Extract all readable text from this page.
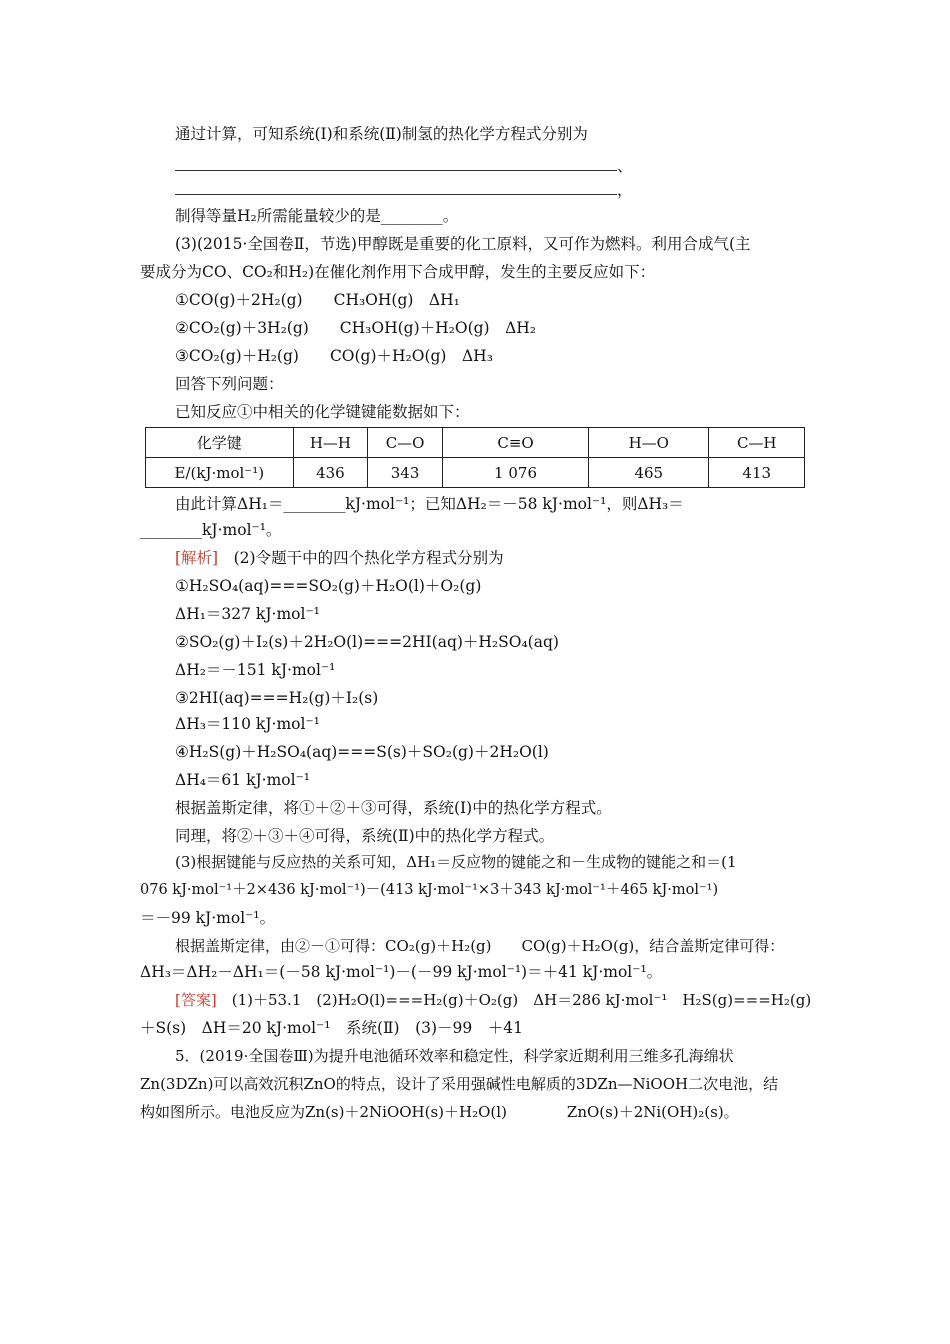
通过计算，可知系统(Ⅰ)和系统(Ⅱ)制氢的热化学方程式分别为
、
，
制得等量H₂所需能量较少的是________。
(3)(2015·全国卷Ⅱ，节选)甲醇既是重要的化工原料，又可作为燃料。利用合成气(主
要成分为CO、CO₂和H₂)在催化剂作用下合成甲醇，发生的主要反应如下：
①CO(g)＋2H₂(g)　　CH₃OH(g)　ΔH₁
②CO₂(g)＋3H₂(g)　　CH₃OH(g)＋H₂O(g)　ΔH₂
③CO₂(g)＋H₂(g)　　CO(g)＋H₂O(g)　ΔH₃
回答下列问题：
已知反应①中相关的化学键键能数据如下：
化学键	H—H	C—O	C≡O	H—O	C—H
E/(kJ·mol⁻¹)	436	343	1 076	465	413
由此计算ΔH₁＝________kJ·mol⁻¹；已知ΔH₂＝－58 kJ·mol⁻¹，则ΔH₃＝
________kJ·mol⁻¹。
[解析]　(2)令题干中的四个热化学方程式分别为
①H₂SO₄(aq)===SO₂(g)＋H₂O(l)＋O₂(g)
ΔH₁＝327 kJ·mol⁻¹
②SO₂(g)＋I₂(s)＋2H₂O(l)===2HI(aq)＋H₂SO₄(aq)
ΔH₂＝－151 kJ·mol⁻¹
③2HI(aq)===H₂(g)＋I₂(s)
ΔH₃＝110 kJ·mol⁻¹
④H₂S(g)＋H₂SO₄(aq)===S(s)＋SO₂(g)＋2H₂O(l)
ΔH₄＝61 kJ·mol⁻¹
根据盖斯定律，将①＋②＋③可得，系统(Ⅰ)中的热化学方程式。
同理，将②＋③＋④可得，系统(Ⅱ)中的热化学方程式。
(3)根据键能与反应热的关系可知，ΔH₁＝反应物的键能之和－生成物的键能之和＝(1
076 kJ·mol⁻¹＋2×436 kJ·mol⁻¹)－(413 kJ·mol⁻¹×3＋343 kJ·mol⁻¹＋465 kJ·mol⁻¹)
＝－99 kJ·mol⁻¹。
根据盖斯定律，由②－①可得：CO₂(g)＋H₂(g)　　CO(g)＋H₂O(g)，结合盖斯定律可得：
ΔH₃＝ΔH₂－ΔH₁＝(－58 kJ·mol⁻¹)－(－99 kJ·mol⁻¹)＝＋41 kJ·mol⁻¹。
[答案]　(1)＋53.1　(2)H₂O(l)===H₂(g)＋O₂(g)　ΔH＝286 kJ·mol⁻¹　H₂S(g)===H₂(g)
＋S(s)　ΔH＝20 kJ·mol⁻¹　系统(Ⅱ)　(3)－99　＋41
5．(2019·全国卷Ⅲ)为提升电池循环效率和稳定性，科学家近期利用三维多孔海绵状
Zn(3DZn)可以高效沉积ZnO的特点，设计了采用强碱性电解质的3DZn—NiOOH二次电池，结
构如图所示。电池反应为Zn(s)＋2NiOOH(s)＋H₂O(l)　　　　ZnO(s)＋2Ni(OH)₂(s)。
